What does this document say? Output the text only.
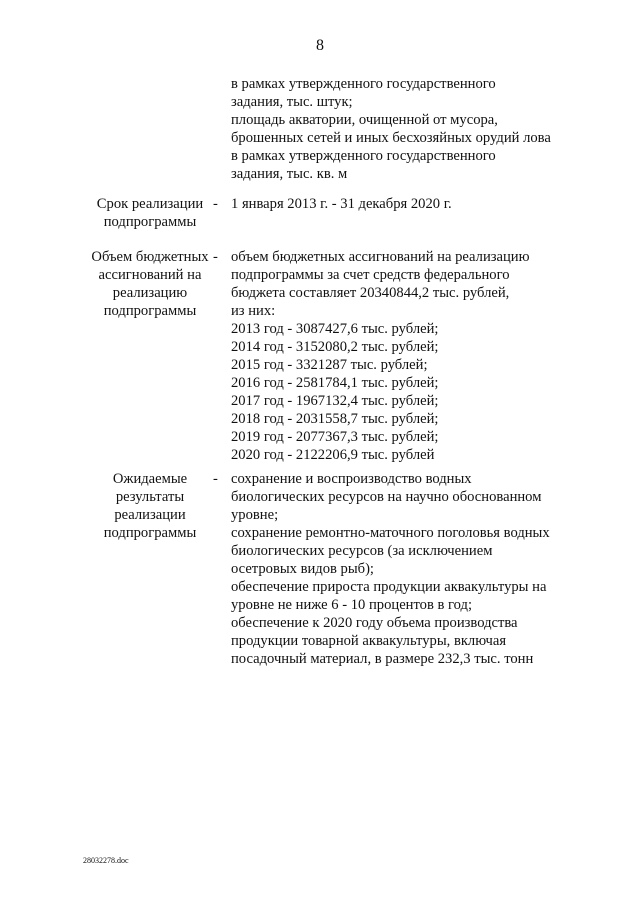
8
в рамках утвержденного государственного
задания, тыс. штук;
площадь акватории, очищенной от мусора,
брошенных сетей и иных бесхозяйных орудий лова
в рамках утвержденного государственного
задания, тыс. кв. м
Срок реализации
подпрограммы
- 1 января 2013 г. - 31 декабря 2020 г.
Объем бюджетных
ассигнований на
реализацию
подпрограммы
- объем бюджетных ассигнований на реализацию
подпрограммы за счет средств федерального
бюджета составляет 20340844,2 тыс. рублей,
из них:
2013 год - 3087427,6 тыс. рублей;
2014 год - 3152080,2 тыс. рублей;
2015 год - 3321287 тыс. рублей;
2016 год - 2581784,1 тыс. рублей;
2017 год - 1967132,4 тыс. рублей;
2018 год - 2031558,7 тыс. рублей;
2019 год - 2077367,3 тыс. рублей;
2020 год - 2122206,9 тыс. рублей
Ожидаемые
результаты
реализации
подпрограммы
- сохранение и воспроизводство водных
биологических ресурсов на научно обоснованном
уровне;
сохранение ремонтно-маточного поголовья водных
биологических ресурсов (за исключением
осетровых видов рыб);
обеспечение прироста продукции аквакультуры на
уровне не ниже 6 - 10 процентов в год;
обеспечение к 2020 году объема производства
продукции товарной аквакультуры, включая
посадочный материал, в размере 232,3 тыс. тонн
28032278.doc
